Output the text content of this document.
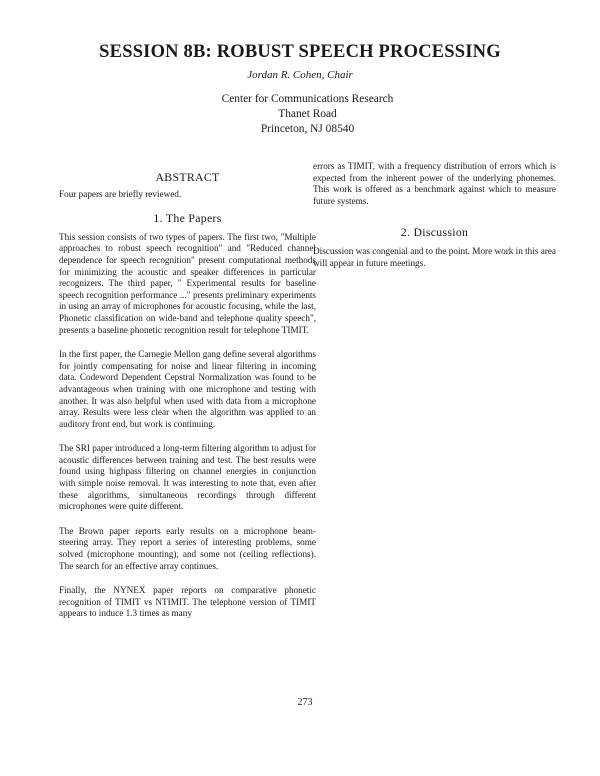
SESSION 8B: ROBUST SPEECH PROCESSING
Jordan R. Cohen, Chair
Center for Communications Research
Thanet Road
Princeton, NJ 08540
ABSTRACT

Four papers are briefly reviewed.

1. The Papers

This session consists of two types of papers. The first two, "Multiple approaches to robust speech recognition" and "Reduced channel dependence for speech recognition" present computational methods for minimizing the acoustic and speaker differences in particular recognizers. The third paper, " Experimental results for baseline speech recognition performance ..." presents preliminary experiments in using an array of microphones for acoustic focusing, while the last, Phonetic classification on wide-band and telephone quality speech", presents a baseline phonetic recognition result for telephone TIMIT.

In the first paper, the Carnegie Mellon gang define several algorithms for jointly compensating for noise and linear filtering in incoming data. Codeword Dependent Cepstral Normalization was found to be advantageous when training with one microphone and testing with another. It was also helpful when used with data from a microphone array. Results were less clear when the algorithm was applied to an auditory front end, but work is continuing.

The SRI paper introduced a long-term filtering algorithm to adjust for acoustic differences between training and test. The best results were found using highpass filtering on channel energies in conjunction with simple noise removal. It was interesting to note that, even after these algorithms, simultaneous recordings through different microphones were quite different.

The Brown paper reports early results on a microphone beam-steering array. They report a series of interesting problems, some solved (microphone mounting), and some not (ceiling reflections). The search for an effective array continues.

Finally, the NYNEX paper reports on comparative phonetic recognition of TIMIT vs NTIMIT. The telephone version of TIMIT appears to induce 1.3 times as many

errors as TIMIT, with a frequency distribution of errors which is expected from the inherent power of the underlying phonemes. This work is offered as a benchmark against which to measure future systems.

2. Discussion

Discussion was congenial and to the point. More work in this area will appear in future meetings.

273
